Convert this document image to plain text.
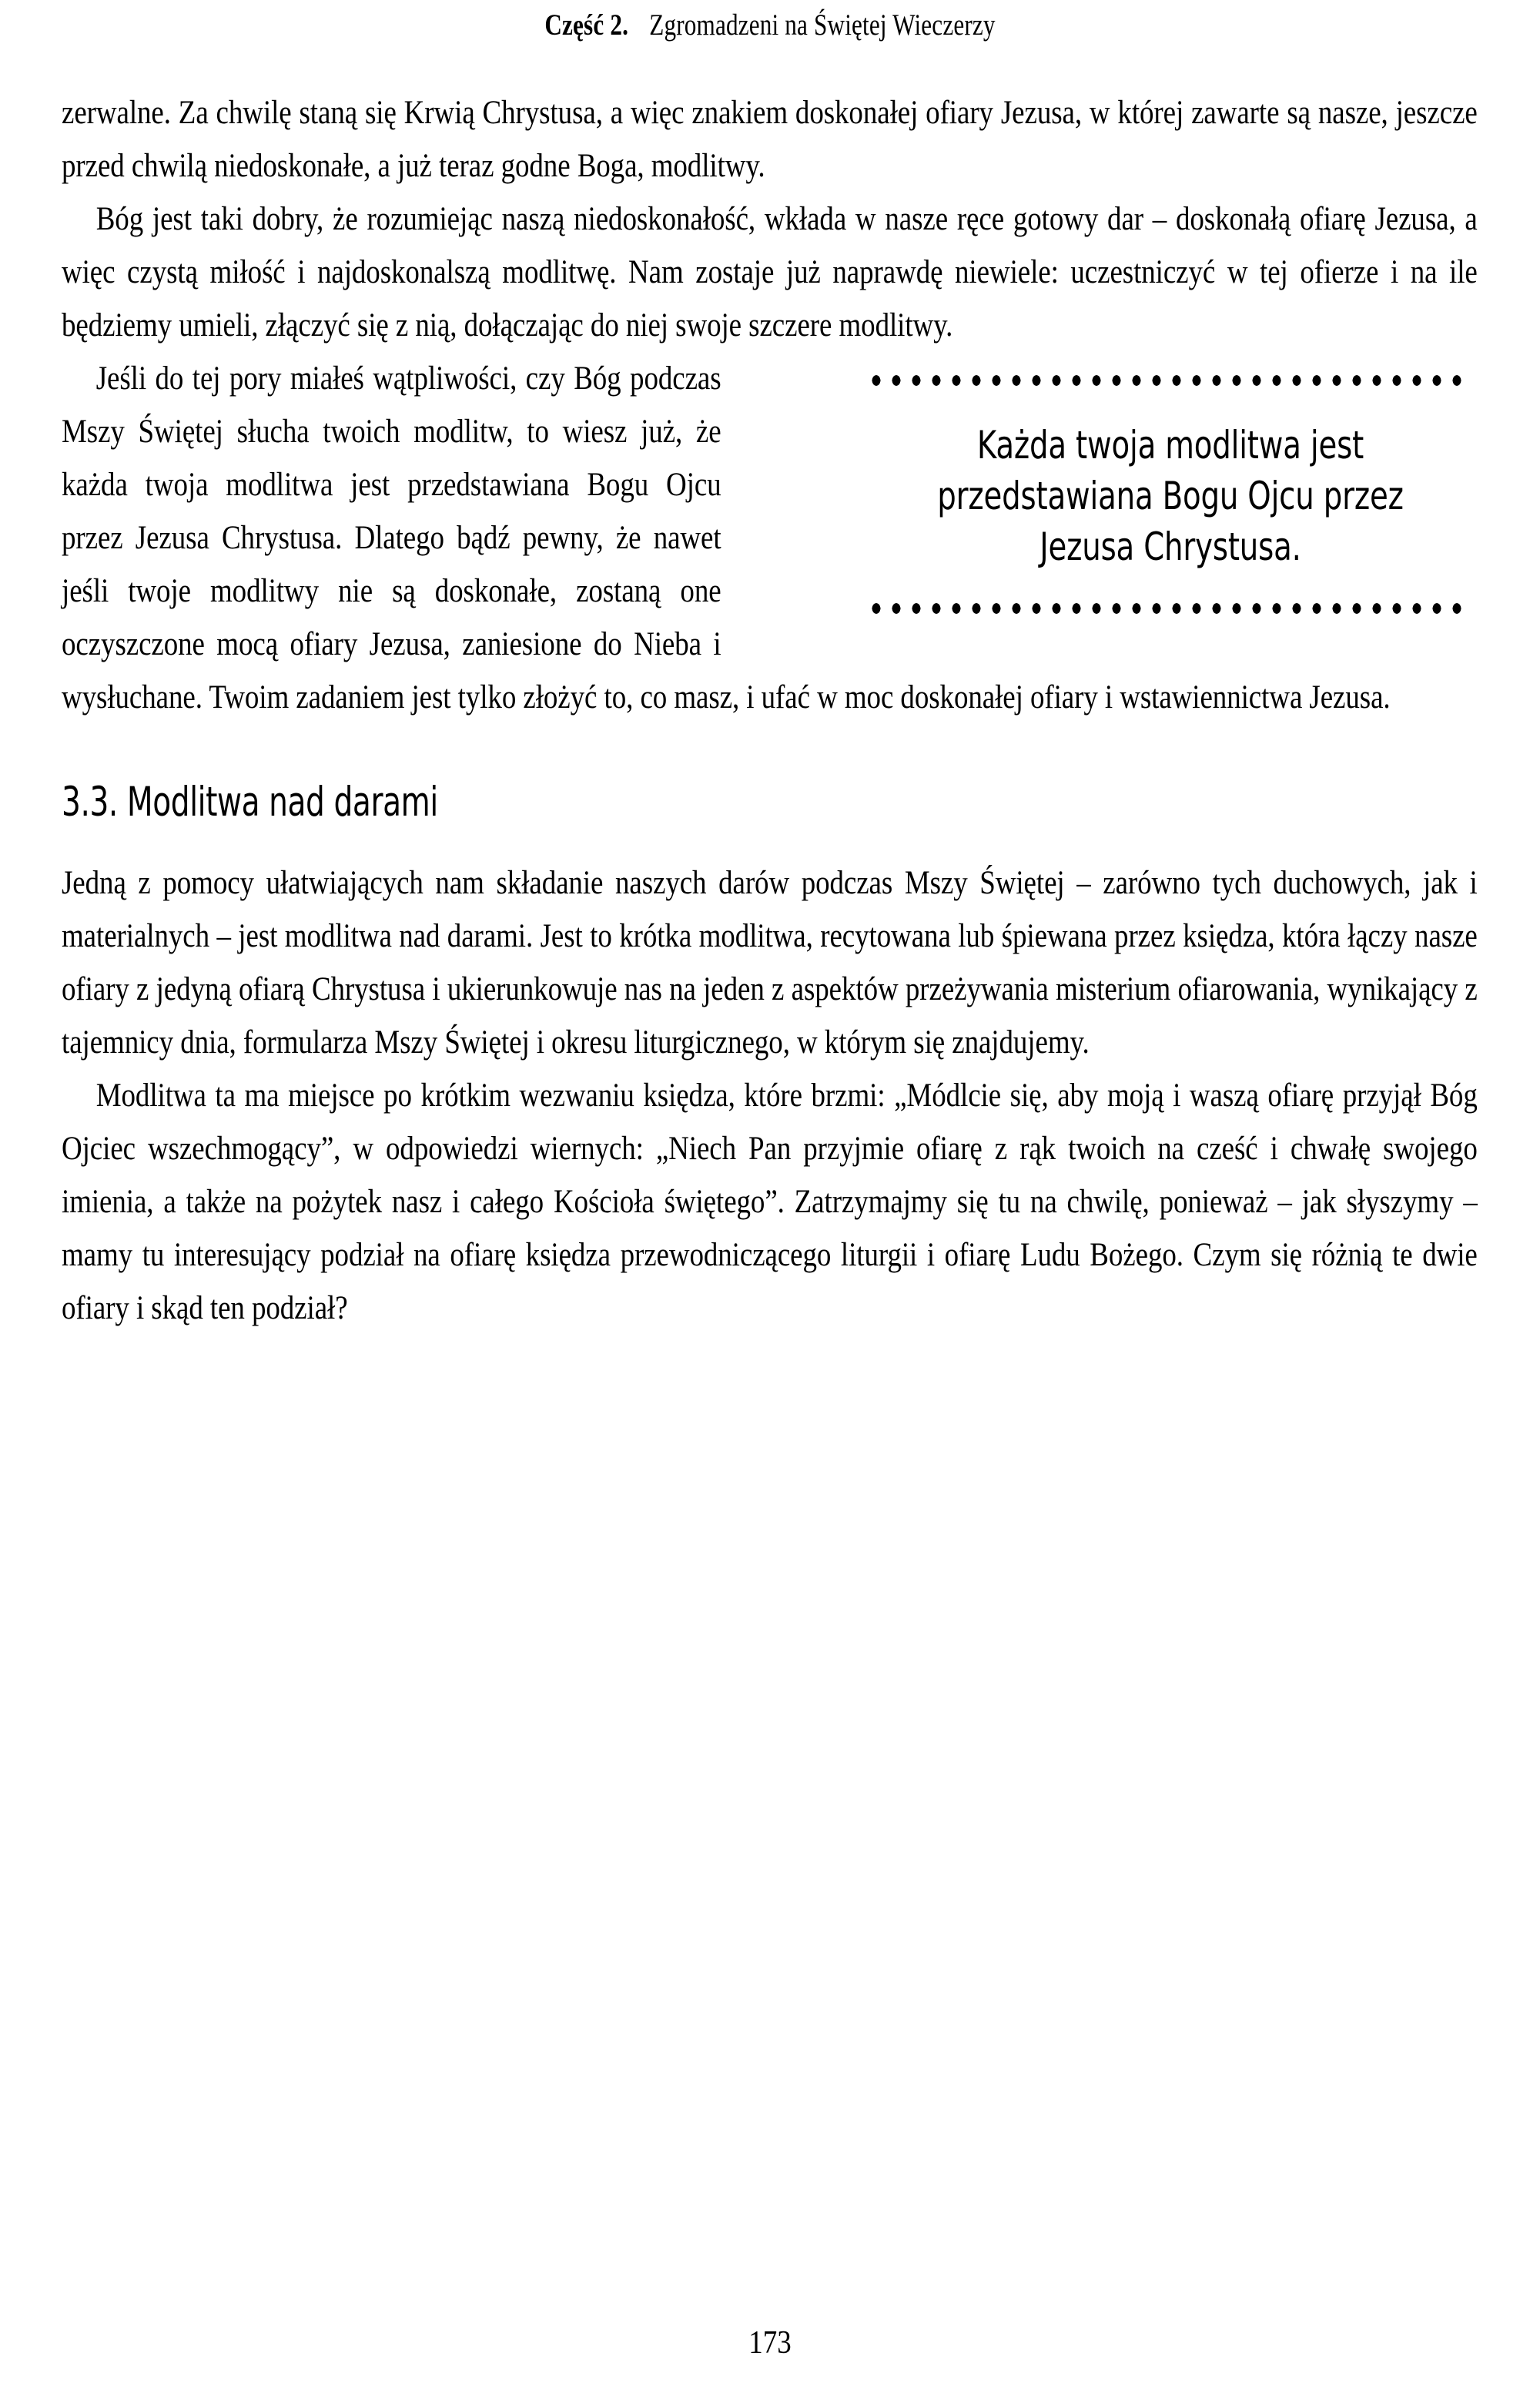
Część 2. Zgromadzeni na Świętej Wieczerzy

zerwalne. Za chwilę staną się Krwią Chrystusa, a więc znakiem doskonałej ofiary Jezusa, w której zawarte są nasze, jeszcze przed chwilą niedoskonałe, a już teraz godne Boga, modlitwy.

Bóg jest taki dobry, że rozumiejąc naszą niedoskonałość, wkłada w nasze ręce gotowy dar – doskonałą ofiarę Jezusa, a więc czystą miłość i najdoskonalszą modlitwę. Nam zostaje już naprawdę niewiele: uczestniczyć w tej ofierze i na ile będziemy umieli, złączyć się z nią, dołączając do niej swoje szczere modlitwy.

Każda twoja modlitwa jest przedstawiana Bogu Ojcu przez Jezusa Chrystusa.

Jeśli do tej pory miałeś wątpliwości, czy Bóg podczas Mszy Świętej słucha twoich modlitw, to wiesz już, że każda twoja modlitwa jest przedstawiana Bogu Ojcu przez Jezusa Chrystusa. Dlatego bądź pewny, że nawet jeśli twoje modlitwy nie są doskonałe, zostaną one oczyszczone mocą ofiary Jezusa, zaniesione do Nieba i wysłuchane. Twoim zadaniem jest tylko złożyć to, co masz, i ufać w moc doskonałej ofiary i wstawiennictwa Jezusa.

3.3. Modlitwa nad darami

Jedną z pomocy ułatwiających nam składanie naszych darów podczas Mszy Świętej – zarówno tych duchowych, jak i materialnych – jest modlitwa nad darami. Jest to krótka modlitwa, recytowana lub śpiewana przez księdza, która łączy nasze ofiary z jedyną ofiarą Chrystusa i ukierunkowuje nas na jeden z aspektów przeżywania misterium ofiarowania, wynikający z tajemnicy dnia, formularza Mszy Świętej i okresu liturgicznego, w którym się znajdujemy.

Modlitwa ta ma miejsce po krótkim wezwaniu księdza, które brzmi: „Módlcie się, aby moją i waszą ofiarę przyjął Bóg Ojciec wszechmogący”, w odpowiedzi wiernych: „Niech Pan przyjmie ofiarę z rąk twoich na cześć i chwałę swojego imienia, a także na pożytek nasz i całego Kościoła świętego”. Zatrzymajmy się tu na chwilę, ponieważ – jak słyszymy – mamy tu interesujący podział na ofiarę księdza przewodniczącego liturgii i ofiarę Ludu Bożego. Czym się różnią te dwie ofiary i skąd ten podział?

173
